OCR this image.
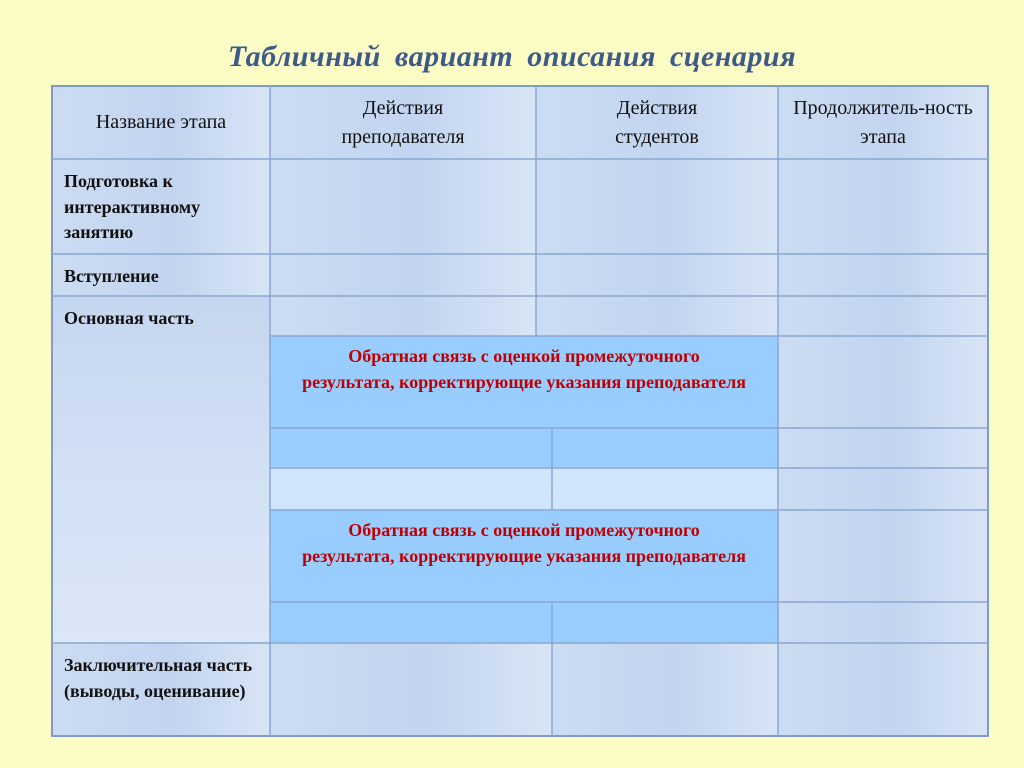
Табличный вариант описания сценария
Название этапа
Действия преподавателя
Действия студентов
Продолжитель-ность этапа
Подготовка к интерактивному занятию
Вступление
Основная часть
Обратная связь с оценкой промежуточного результата, корректирующие указания преподавателя
Обратная связь с оценкой промежуточного результата, корректирующие указания преподавателя
Заключительная часть (выводы, оценивание)
